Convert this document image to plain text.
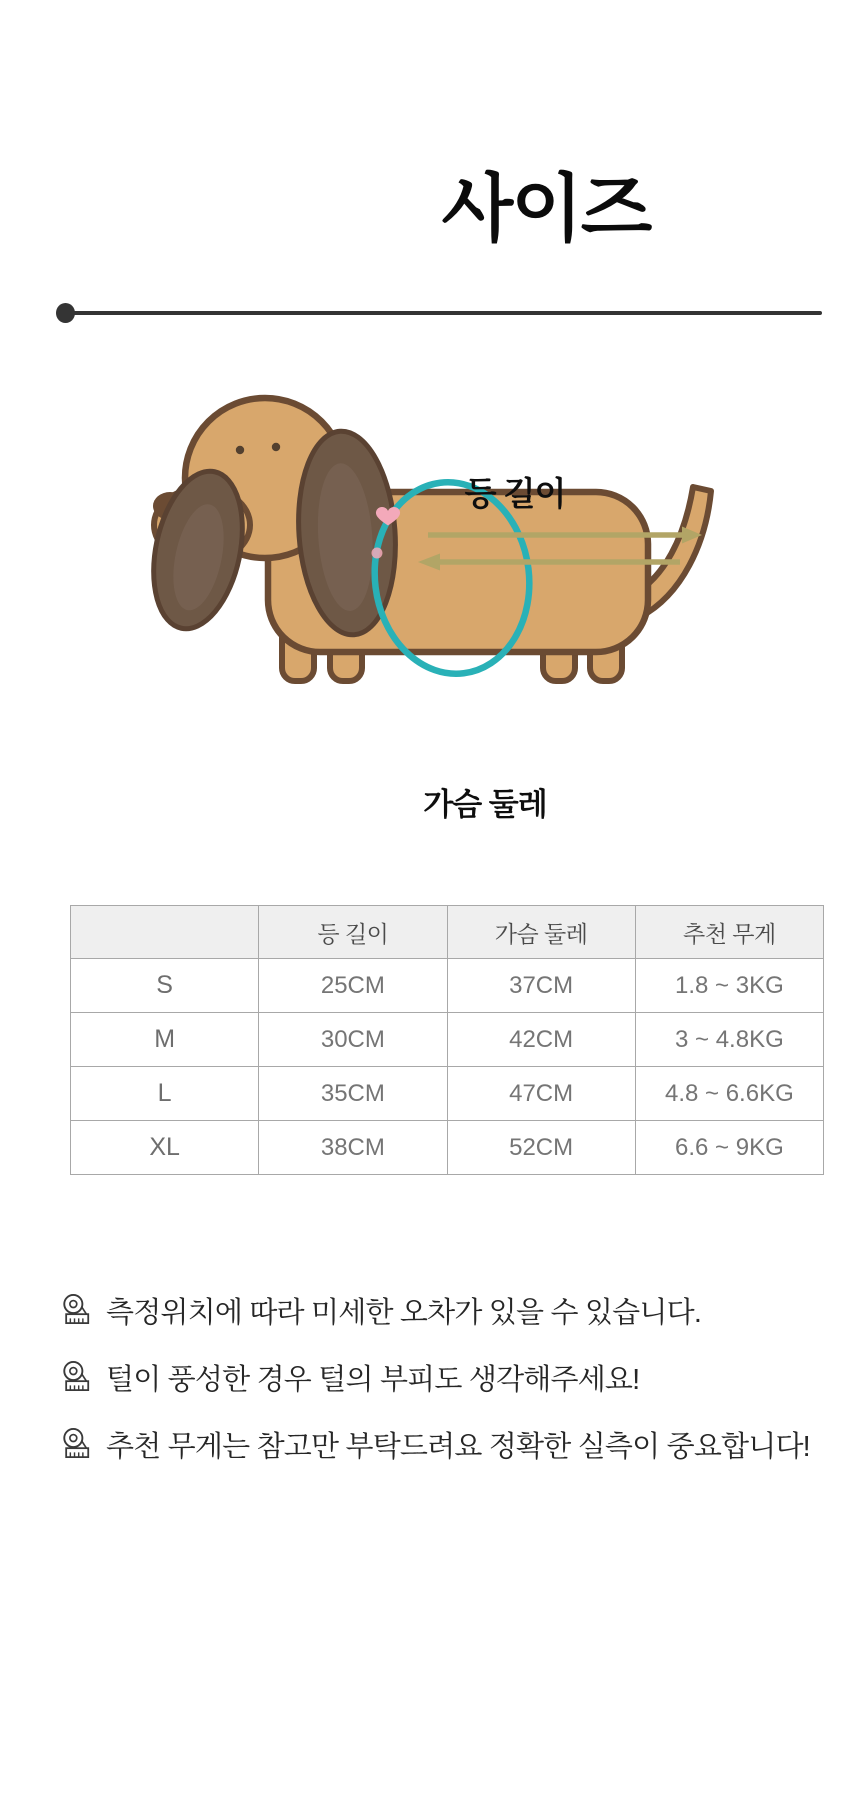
사이즈
등 길이
가슴 둘레
	등 길이	가슴 둘레	추천 무게
S	25CM	37CM	1.8 ~ 3KG
M	30CM	42CM	3 ~ 4.8KG
L	35CM	47CM	4.8 ~ 6.6KG
XL	38CM	52CM	6.6 ~ 9KG
측정위치에 따라 미세한 오차가 있을 수 있습니다.
털이 풍성한 경우 털의 부피도 생각해주세요!
추천 무게는 참고만 부탁드려요 정확한 실측이 중요합니다!
